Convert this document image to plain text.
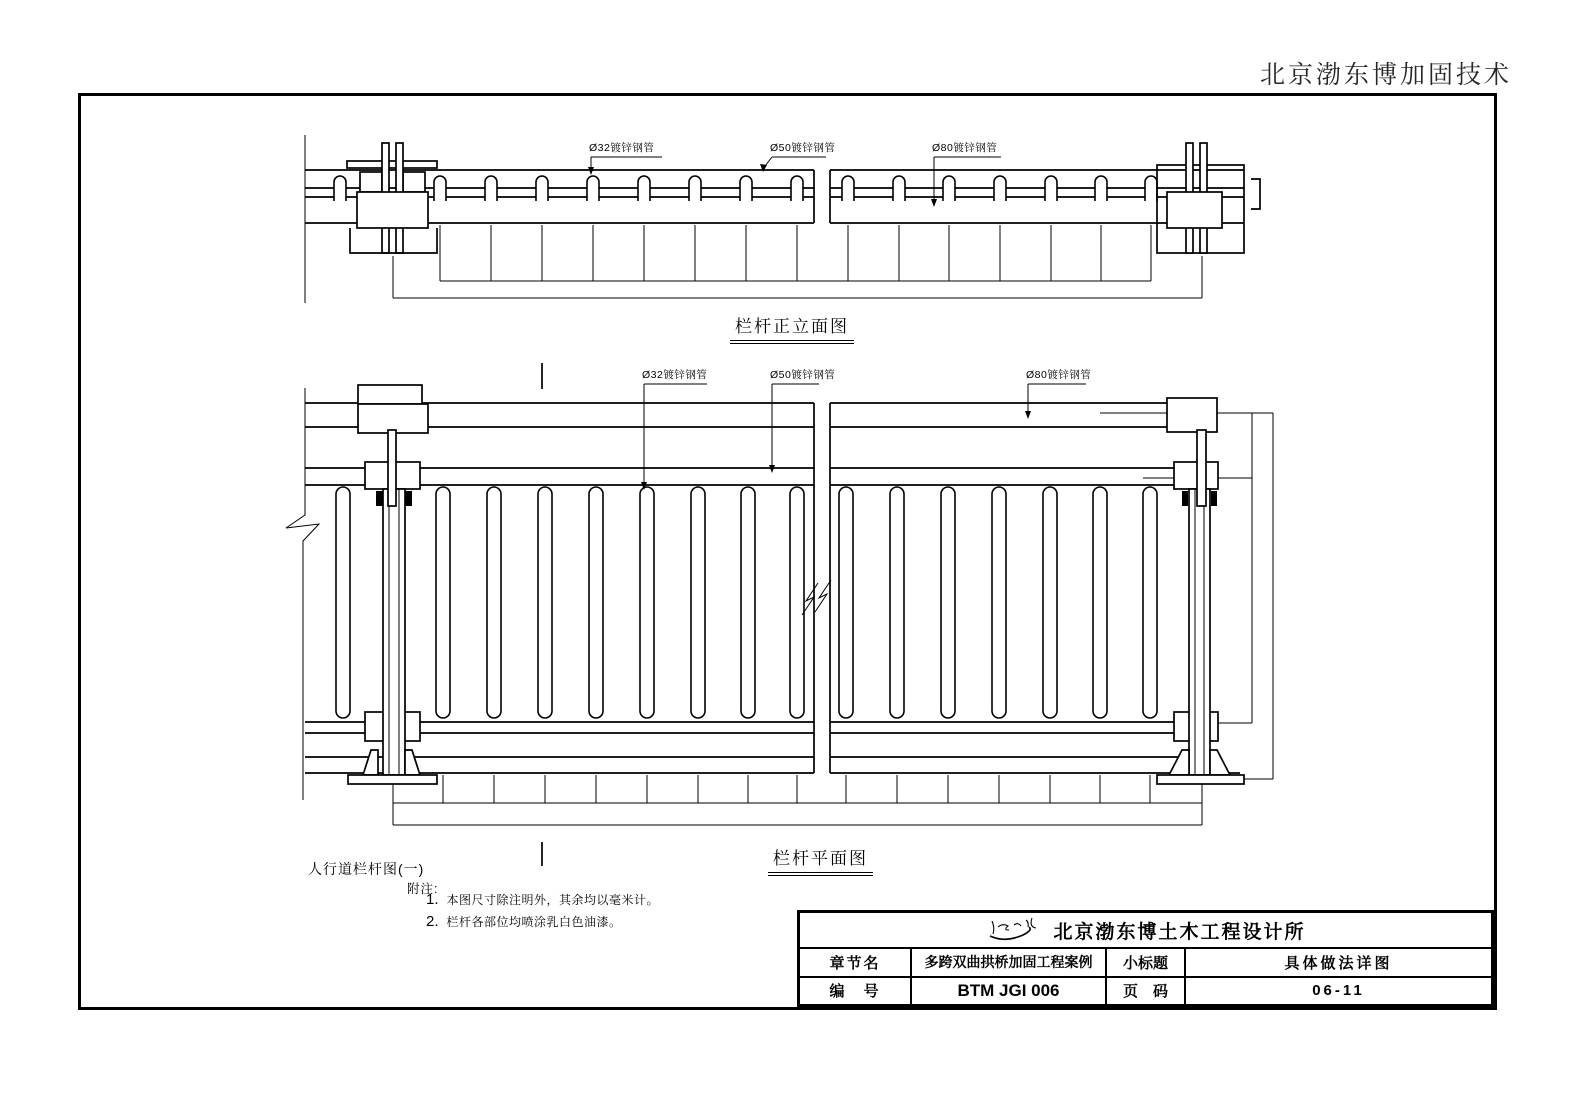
北京渤东博加固技术
Ø32镀锌钢管	Ø50镀锌钢管	Ø80镀锌钢管
Ø32镀锌钢管	Ø50镀锌钢管	Ø80镀锌钢管
栏杆正立面图
栏杆平面图
人行道栏杆图(一)
附注:
1. 本图尺寸除注明外，其余均以毫米计。
2. 栏杆各部位均喷涂乳白色油漆。	北京渤东博土木工程设计所
章节名	多跨双曲拱桥加固工程案例	小标题	具体做法详图
编　号	BTM JGI 006	页　码	06-11
